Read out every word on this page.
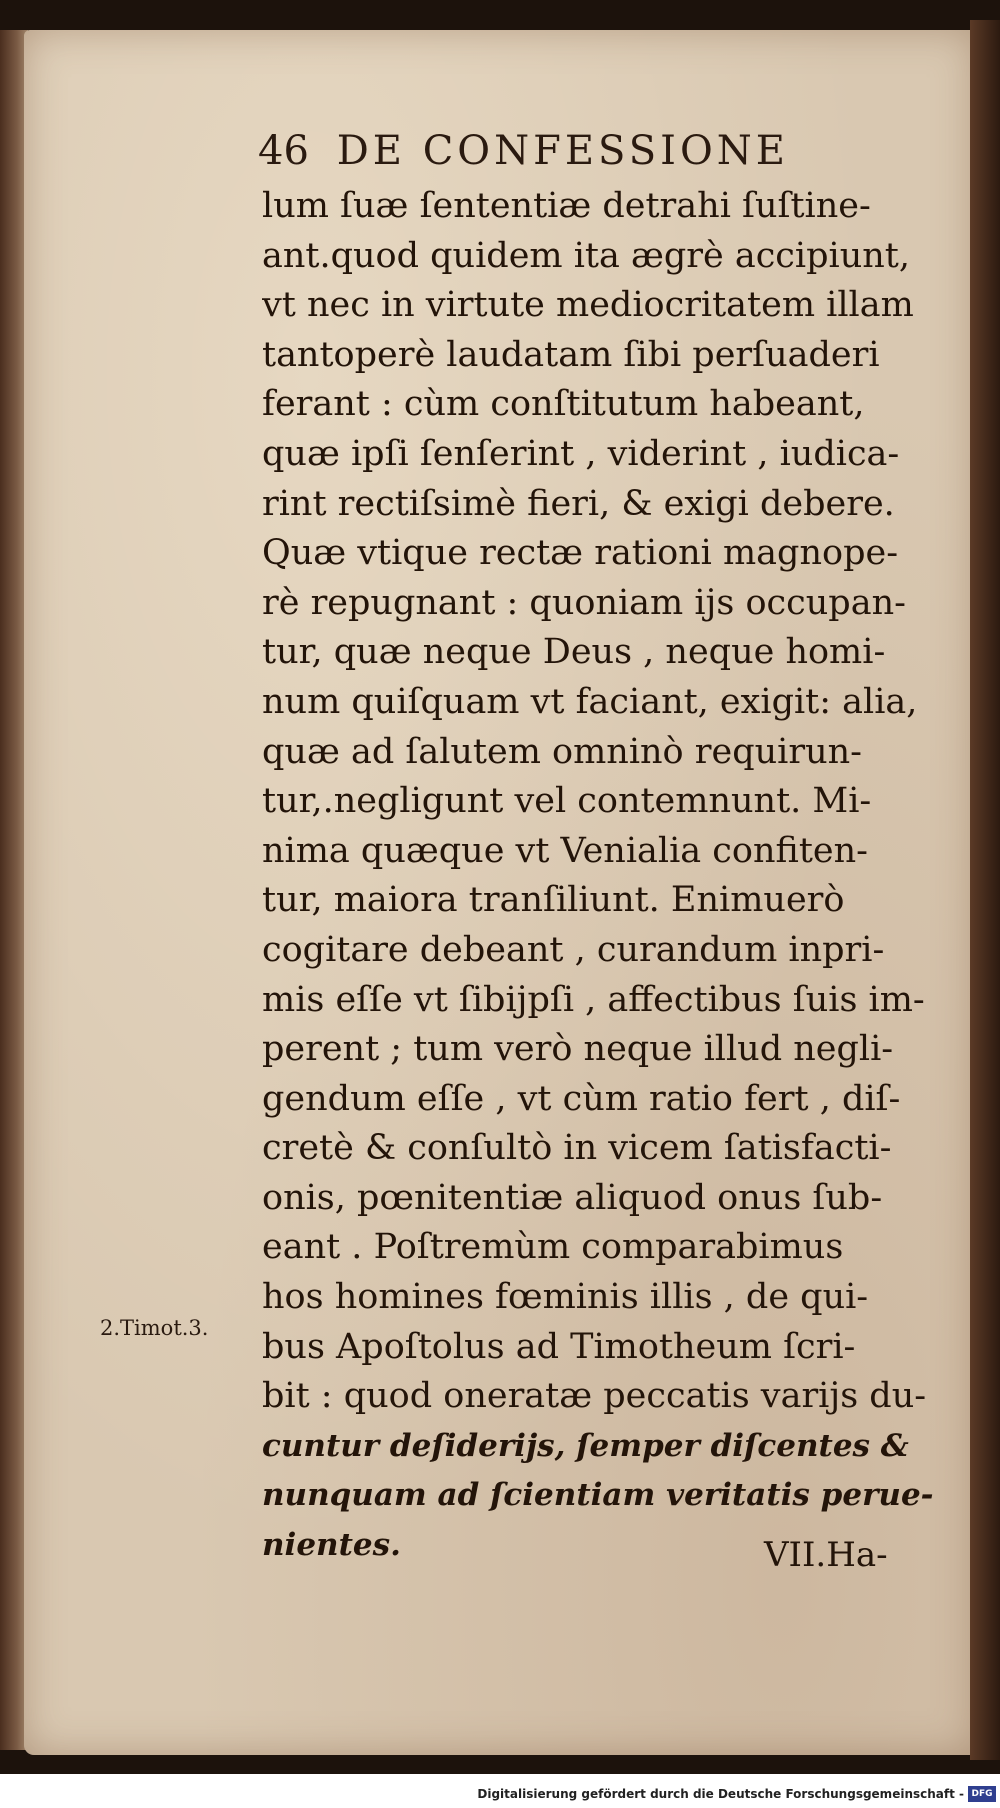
46 DE CONFESSIONE
lum ſuæ ſententiæ detrahi ſuſtine-
ant.quod quidem ita ægrè accipiunt,
vt nec in virtute mediocritatem illam
tantoperè laudatam ſibi perſuaderi
ferant : cùm conſtitutum habeant,
quæ ipſi ſenſerint , viderint , iudica-
rint rectiſsimè fieri, & exigi debere.
Quæ vtique rectæ rationi magnope-
rè repugnant : quoniam ijs occupan-
tur, quæ neque Deus , neque homi-
num quiſquam vt faciant, exigit: alia,
quæ ad ſalutem omninò requirun-
tur,.negligunt vel contemnunt. Mi-
nima quæque vt Venialia confiten-
tur, maiora tranſiliunt. Enimuerò
cogitare debeant , curandum inpri-
mis eſſe vt ſibijpſi , affectibus ſuis im-
perent ; tum verò neque illud negli-
gendum eſſe , vt cùm ratio fert , diſ-
cretè & conſultò in vicem ſatisfacti-
onis, pœnitentiæ aliquod onus ſub-
eant . Poſtremùm comparabimus
hos homines fœminis illis , de qui-
bus Apoſtolus ad Timotheum ſcri-
bit : quod oneratæ peccatis varijs du-
cuntur deſiderijs, ſemper diſcentes &
nunquam ad ſcientiam veritatis perue-
nientes.
2.Timot.3.
VII.Ha-
Digitalisierung gefördert durch die Deutsche Forschungsgemeinschaft - DFG
